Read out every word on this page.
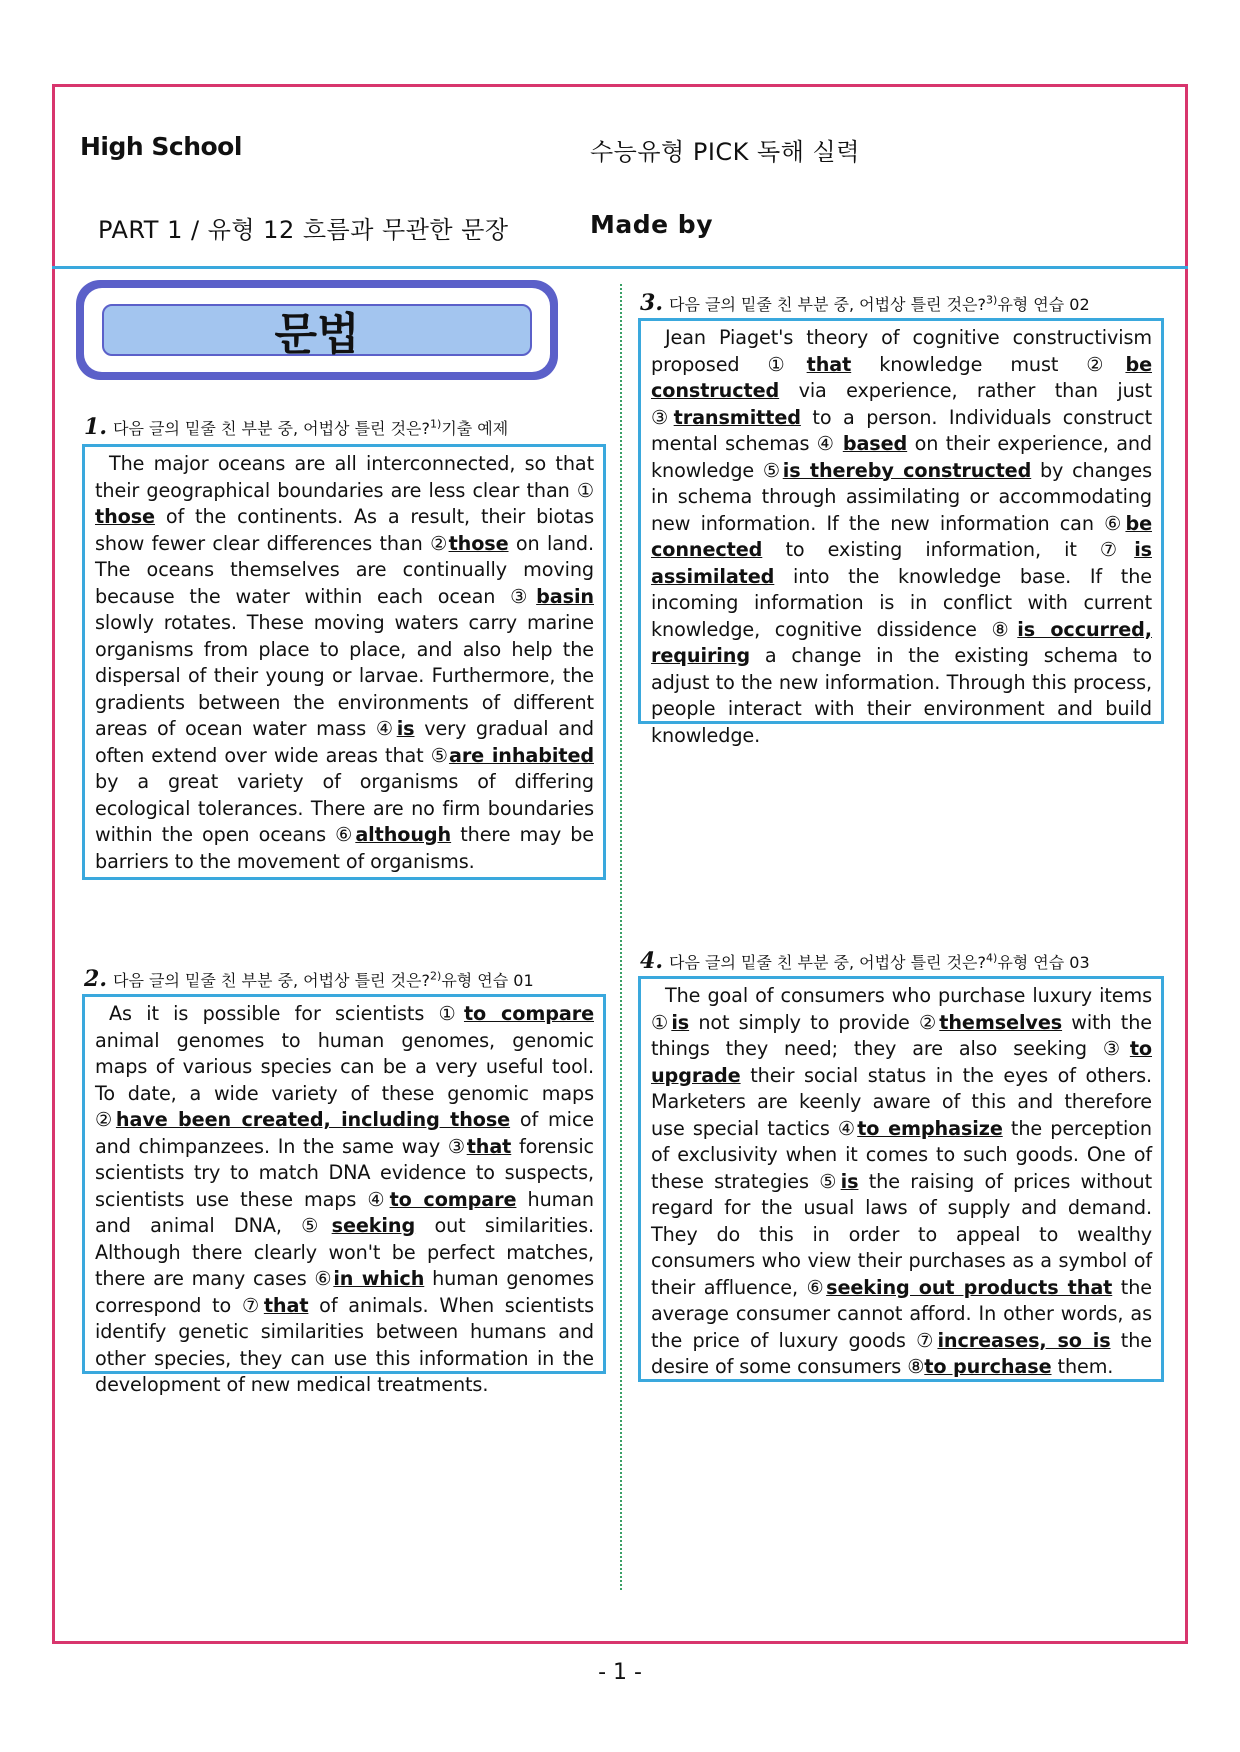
High School	수능유형 PICK 독해 실력
PART 1 / 유형 12 흐름과 무관한 문장	Made by
문법
1. 다음 글의 밑줄 친 부분 중, 어법상 틀린 것은?$^{1)}$기출 예제

The major oceans are all interconnected, so that their geographical boundaries are less clear than ① those of the continents. As a result, their biotas show fewer clear differences than ②those on land. The oceans themselves are continually moving because the water within each ocean ③basin slowly rotates. These moving waters carry marine organisms from place to place, and also help the dispersal of their young or larvae. Furthermore, the gradients between the environments of different areas of ocean water mass ④is very gradual and often extend over wide areas that ⑤are inhabited by a great variety of organisms of differing ecological tolerances. There are no firm boundaries within the open oceans ⑥although there may be barriers to the movement of organisms.

2. 다음 글의 밑줄 친 부분 중, 어법상 틀린 것은?$^{2)}$유형 연습 01

As it is possible for scientists ①to compare animal genomes to human genomes, genomic maps of various species can be a very useful tool. To date, a wide variety of these genomic maps ②have been created, including those of mice and chimpanzees. In the same way ③that forensic scientists try to match DNA evidence to suspects, scientists use these maps ④to compare human and animal DNA, ⑤seeking out similarities. Although there clearly won't be perfect matches, there are many cases ⑥in which human genomes correspond to ⑦that of animals. When scientists identify genetic similarities between humans and other species, they can use this information in the development of new medical treatments.

3. 다음 글의 밑줄 친 부분 중, 어법상 틀린 것은?$^{3)}$유형 연습 02

Jean Piaget's theory of cognitive constructivism proposed ①that knowledge must ②be constructed via experience, rather than just ③transmitted to a person. Individuals construct mental schemas ④ based on their experience, and knowledge ⑤is thereby constructed by changes in schema through assimilating or accommodating new information. If the new information can ⑥be connected to existing information, it ⑦is assimilated into the knowledge base. If the incoming information is in conflict with current knowledge, cognitive dissidence ⑧is occurred, requiring a change in the existing schema to adjust to the new information. Through this process, people interact with their environment and build knowledge.

4. 다음 글의 밑줄 친 부분 중, 어법상 틀린 것은?$^{4)}$유형 연습 03

The goal of consumers who purchase luxury items ①is not simply to provide ②themselves with the things they need; they are also seeking ③to upgrade their social status in the eyes of others. Marketers are keenly aware of this and therefore use special tactics ④to emphasize the perception of exclusivity when it comes to such goods. One of these strategies ⑤is the raising of prices without regard for the usual laws of supply and demand. They do this in order to appeal to wealthy consumers who view their purchases as a symbol of their affluence, ⑥seeking out products that the average consumer cannot afford. In other words, as the price of luxury goods ⑦increases, so is the desire of some consumers ⑧to purchase them.

- 1 -
